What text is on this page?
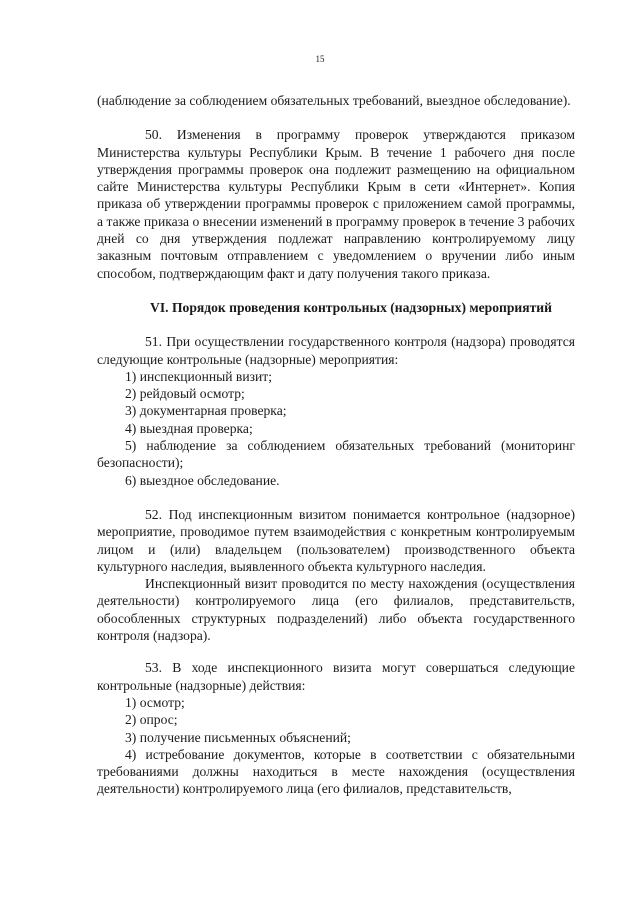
15

(наблюдение за соблюдением обязательных требований, выездное обследование).

50. Изменения в программу проверок утверждаются приказом Министерства культуры Республики Крым. В течение 1 рабочего дня после утверждения программы проверок она подлежит размещению на официальном сайте Министерства культуры Республики Крым в сети «Интернет». Копия приказа об утверждении программы проверок с приложением самой программы, а также приказа о внесении изменений в программу проверок в течение 3 рабочих дней со дня утверждения подлежат направлению контролируемому лицу заказным почтовым отправлением с уведомлением о вручении либо иным способом, подтверждающим факт и дату получения такого приказа.

VI. Порядок проведения контрольных (надзорных) мероприятий

51. При осуществлении государственного контроля (надзора) проводятся следующие контрольные (надзорные) мероприятия:

1) инспекционный визит;

2) рейдовый осмотр;

3) документарная проверка;

4) выездная проверка;

5) наблюдение за соблюдением обязательных требований (мониторинг безопасности);

6) выездное обследование.

52. Под инспекционным визитом понимается контрольное (надзорное) мероприятие, проводимое путем взаимодействия с конкретным контролируемым лицом и (или) владельцем (пользователем) производственного объекта культурного наследия, выявленного объекта культурного наследия.

Инспекционный визит проводится по месту нахождения (осуществления деятельности) контролируемого лица (его филиалов, представительств, обособленных структурных подразделений) либо объекта государственного контроля (надзора).

53. В ходе инспекционного визита могут совершаться следующие контрольные (надзорные) действия:

1) осмотр;

2) опрос;

3) получение письменных объяснений;

4) истребование документов, которые в соответствии с обязательными требованиями должны находиться в месте нахождения (осуществления деятельности) контролируемого лица (его филиалов, представительств,
